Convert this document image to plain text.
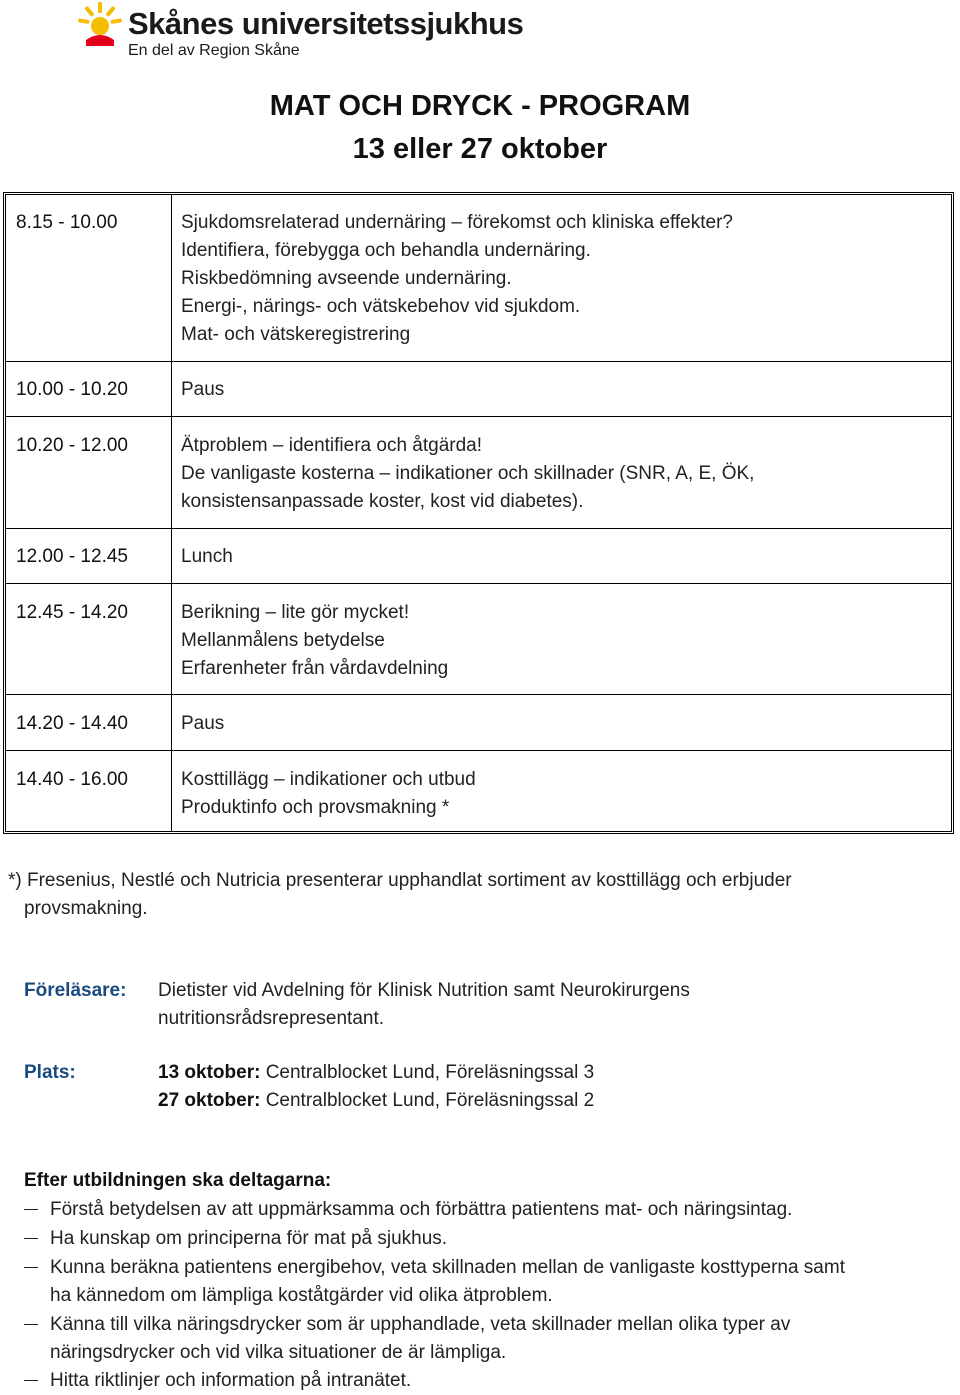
Skånes universitetssjukhus
En del av Region Skåne
MAT OCH DRYCK - PROGRAM
13 eller 27 oktober
8.15 - 10.00	Sjukdomsrelaterad undernäring – förekomst och kliniska effekter?
Identifiera, förebygga och behandla undernäring.
Riskbedömning avseende undernäring.
Energi-, närings- och vätskebehov vid sjukdom.
Mat- och vätskeregistrering
10.00 - 10.20	Paus
10.20 - 12.00	Ätproblem – identifiera och åtgärda!
De vanligaste kosterna – indikationer och skillnader (SNR, A, E, ÖK,
konsistensanpassade koster, kost vid diabetes).
12.00 - 12.45	Lunch
12.45 - 14.20	Berikning – lite gör mycket!
Mellanmålens betydelse
Erfarenheter från vårdavdelning
14.20 - 14.40	Paus
14.40 - 16.00	Kosttillägg – indikationer och utbud
Produktinfo och provsmakning *
*) Fresenius, Nestlé och Nutricia presenterar upphandlat sortiment av kosttillägg och erbjuder
provsmakning.
Föreläsare: Dietister vid Avdelning för Klinisk Nutrition samt Neurokirurgens
nutritionsrådsrepresentant.
Plats:	13 oktober: Centralblocket Lund, Föreläsningssal 3
27 oktober: Centralblocket Lund, Föreläsningssal 2
Efter utbildningen ska deltagarna:
Förstå betydelsen av att uppmärksamma och förbättra patientens mat- och näringsintag.
Ha kunskap om principerna för mat på sjukhus.
Kunna beräkna patientens energibehov, veta skillnaden mellan de vanligaste kosttyperna samt
ha kännedom om lämpliga koståtgärder vid olika ätproblem.
Känna till vilka näringsdrycker som är upphandlade, veta skillnader mellan olika typer av
näringsdrycker och vid vilka situationer de är lämpliga.
Hitta riktlinjer och information på intranätet.
